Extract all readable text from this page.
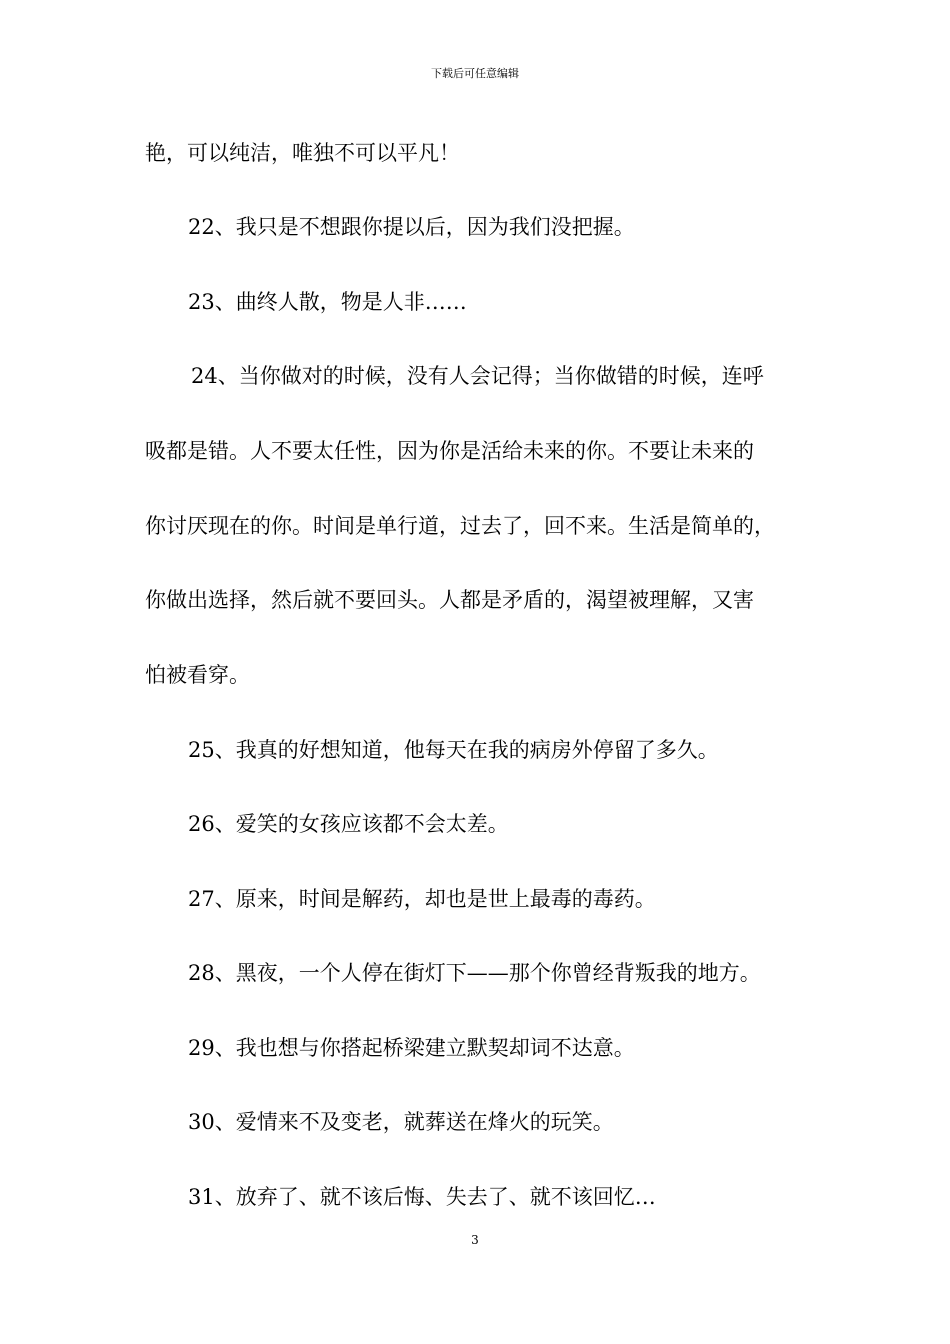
下载后可任意编辑
艳，可以纯洁，唯独不可以平凡！
22、我只是不想跟你提以后，因为我们没把握。
23、曲终人散，物是人非……
24、当你做对的时候，没有人会记得；当你做错的时候，连呼
吸都是错。人不要太任性，因为你是活给未来的你。不要让未来的
你讨厌现在的你。时间是单行道，过去了，回不来。生活是简单的，
你做出选择，然后就不要回头。人都是矛盾的，渴望被理解，又害
怕被看穿。
25、我真的好想知道，他每天在我的病房外停留了多久。
26、爱笑的女孩应该都不会太差。
27、原来，时间是解药，却也是世上最毒的毒药。
28、黑夜，一个人停在街灯下——那个你曾经背叛我的地方。
29、我也想与你搭起桥梁建立默契却词不达意。
30、爱情来不及变老，就葬送在烽火的玩笑。
31、放弃了、就不该后悔、失去了、就不该回忆…
3
